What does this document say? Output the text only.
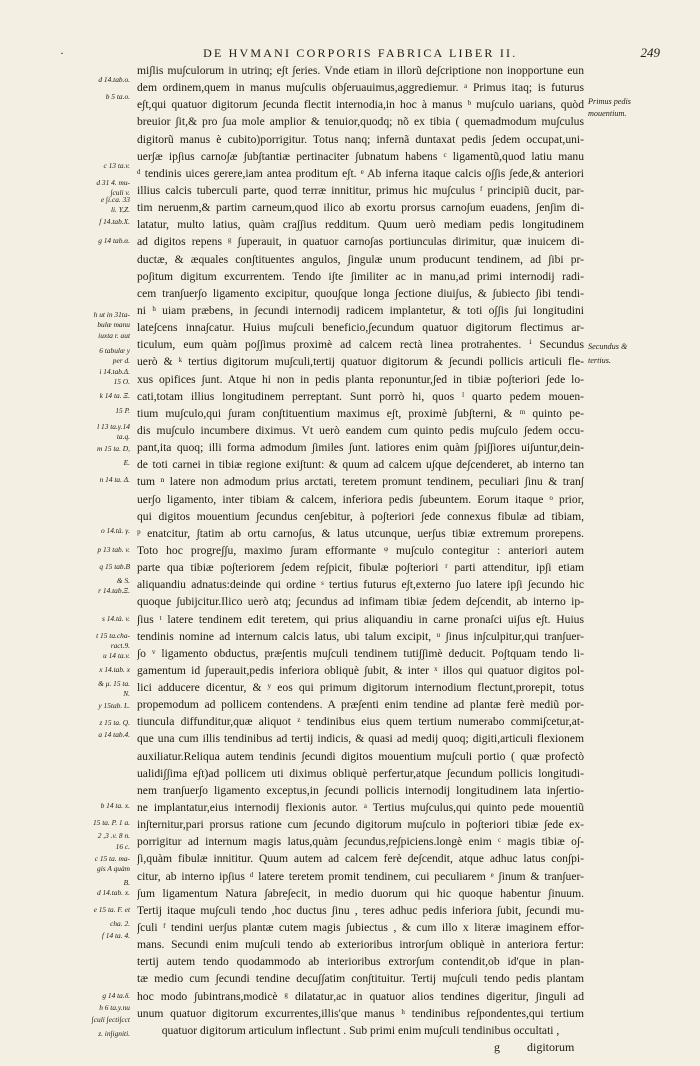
·	DE HVMANI CORPORIS FABRICA LIBER II.	249
mi∫lis mu∫culorum in utrinq; e∫t ∫eries. Vnde etiam in illorũ de∫criptione non inopportune eun
dem ordinem,quem in manus mu∫culis ob∫eruauimus,aggrediemur. ᵃ Primus itaq; is futurus
e∫t,qui quatuor digitorum ∫ecunda flectit internodia,in hoc à manus ᵇ mu∫culo uarians, quòd
breuior ∫it,& pro ∫ua mole amplior & tenuior,quodq; nõ ex tibia ( quemadmodum mu∫culus
digitorũ manus è cubito)porrigitur. Totus nanq; infernã duntaxat pedis ∫edem occupat,uni-
uer∫æ ip∫ius carno∫æ ∫ub∫tantiæ pertinaciter ∫ubnatum habens ᶜ ligamentũ,quod latiu manu
ᵈ tendinis uices gerere,iam antea proditum e∫t. ᵉ Ab inferna itaque calcis o∫∫is ∫ede,& anteriori
illius calcis tuberculi parte, quod terræ innititur, primus hic mu∫culus ᶠ principiũ ducit, par-
tim neruenm,& partim carneum,quod ilico ab exortu prorsus carno∫um euadens, ∫en∫im di-
latatur, multo latius, quàm cra∫∫ius redditum. Quum uerò mediam pedis longitudinem
ad digitos repens ᵍ ∫uperauit, in quatuor carno∫as portiunculas dirimitur, quæ inuicem di-
ductæ, & æquales con∫tituentes angulos, ∫ingulæ unum producunt tendinem, ad ∫ibi pr-
po∫itum digitum excurrentem. Tendo i∫te ∫imiliter ac in manu,ad primi internodij radi-
cem tran∫uer∫o ligamento excipitur, quou∫que longa ∫ectione diui∫us, & ∫ubiecto ∫ibi tendi-
ni ʰ uiam præbens, in ∫ecundi internodij radicem implantetur, & toti o∫∫is ∫ui longitudini
late∫cens inna∫catur. Huius mu∫culi beneficio,∫ecundum quatuor digitorum flectimus ar-
ticulum, eum quàm po∫∫imus proximè ad calcem rectà linea protrahentes. ⁱ Secundus
uerò & ᵏ tertius digitorum mu∫culi,tertij quatuor digitorum & ∫ecundi pollicis articuli fle-
xus opifices ∫unt. Atque hi non in pedis planta reponuntur,∫ed in tibiæ po∫teriori ∫ede lo-
cati,totam illius longitudinem perreptant. Sunt porrò hi, quos ˡ quarto pedem mouen-
tium mu∫culo,qui ∫uram con∫tituentium maximus e∫t, proximè ∫ub∫terni, & ᵐ quinto pe-
dis mu∫culo incumbere diximus. Vt uerò eandem cum quinto pedis mu∫culo ∫edem occu-
pant,ita quoq; illi forma admodum ∫imiles ∫unt. latiores enim quàm ∫pi∫∫iores ui∫untur,dein-
de toti carnei in tibiæ regione exi∫tunt: & quum ad calcem u∫que de∫cenderet, ab interno tan
tum ⁿ latere non admodum prius arctati, teretem promunt tendinem, peculiari ∫inu & tran∫
uer∫o ligamento, inter tibiam & calcem, inferiora pedis ∫ubeuntem. Eorum itaque ᵒ prior,
qui digitos mouentium ∫ecundus cen∫ebitur, à po∫teriori ∫ede connexus fibulæ ad tibiam,
ᵖ enatcitur, ∫tatim ab ortu carno∫us, & latus utcunque, uer∫us tibiæ extremum prorepens.
Toto hoc progre∫∫u, maximo ∫uram efformante ᵠ mu∫culo contegitur : anteriori autem
parte qua tibiæ po∫teriorem ∫edem re∫picit, fibulæ po∫teriori ʳ parti attenditur, ip∫i etiam
aliquandiu adnatus:deinde qui ordine ˢ tertius futurus e∫t,externo ∫uo latere ip∫i ∫ecundo hic
quoque ∫ubijcitur.Ilico uerò atq; ∫ecundus ad infimam tibiæ ∫edem de∫cendit, ab interno ip-
∫ius ᵗ latere tendinem edit teretem, qui prius aliquandiu in carne pronaſci ui∫us e∫t. Huius
tendinis nomine ad internum calcis latus, ubi talum excipit, ᵘ ∫inus in∫culpitur,qui tran∫uer-
∫o ᵛ ligamento obductus, præ∫entis mu∫culi tendinem tuti∫∫imè deducit. Po∫tquam tendo li-
gamentum id ∫uperauit,pedis inferiora obliquè ∫ubit, & inter ˣ illos qui quatuor digitos pol-
lici adducere dicentur, & ʸ eos qui primum digitorum internodium flectunt,prorepit, totus
propemodum ad pollicem contendens. A præ∫enti enim tendine ad plantæ ferè mediũ por-
tiuncula diffunditur,quæ aliquot ᶻ tendinibus eius quem tertium numerabo commi∫cetur,at-
que una cum illis tendinibus ad tertij indicis, & quasi ad medij quoq; digiti,articuli flexionem
auxiliatur.Reliqua autem tendinis ∫ecundi digitos mouentium mu∫culi portio ( quæ profectò
ualidi∫∫ima e∫t)ad pollicem uti diximus obliquè perfertur,atque ∫ecundum pollicis longitudi-
nem tran∫uer∫o ligamento exceptus,in ∫ecundi pollicis internodij longitudinem lata in∫ertio-
ne implantatur,eius internodij flexionis autor. ᵃ Tertius mu∫culus,qui quinto pede mouentiũ
in∫ternitur,pari prorsus ratione cum ∫ecundo digitorum mu∫culo in po∫teriori tibiæ ∫ede ex-
porrigitur ad internum magis latus,quàm ∫ecundus,re∫piciens.longè enim ᶜ magis tibiæ o∫-
∫i,quàm fibulæ innititur. Quum autem ad calcem ferè de∫cendit, atque adhuc latus con∫pi-
citur, ab interno ip∫ius ᵈ latere teretem promit tendinem, cui peculiarem ᵉ ∫inum & tran∫uer-
∫um ligamentum Natura ∫abre∫ecit, in medio duorum qui hic quoque habentur ∫inuum.
Tertij itaque mu∫culi tendo ,hoc ductus ∫inu , teres adhuc pedis inferiora ∫ubit, ∫ecundi mu-
∫culi ᶠ tendini uer∫us plantæ cutem magis ∫ubiectus , & cum illo x literæ imaginem effor-
mans. Secundi enim mu∫culi tendo ab exterioribus intror∫um obliquè in anteriora fertur:
tertij autem tendo quodammodo ab interioribus extror∫um contendit,ob id'que in plan-
tæ medio cum ∫ecundi tendine decu∫∫atim con∫tituitur. Tertij mu∫culi tendo pedis plantam
hoc modo ∫ubintrans,modicè ᵍ dilatatur,ac in quatuor alios tendines digeritur, ∫inguli ad
unum quatuor digitorum excurrentes,illis'que manus ʰ tendinibus re∫pondentes,qui tertium
quatuor digitorum articulum inflectunt . Sub primi enim mu∫culi tendinibus occultati ,
d 14.tab.o.
b 5 ta.o.
c 13 ta.v.
d 31 4. mu-
∫culi v.
e ∫i.ca. 33
li. Y,Z.
f 14.tab.X.
g 14 tab.α.
h ut in 31ta-
bulæ manu
iuxta r. aut
6 tabulæ y
per d.
i 14.tab.Δ.
15 O.
k 14 ta. Ξ.
15 P.
l 13 ta.γ.14
ta.q.
m 15 ta. D,
E.
n 14 ta. Δ.
o 14.tà. γ.
p 13 tab. v.
q 15 tab.B
& S.
r 14.tab.Ξ.
s 14.tà. v.
t 15 ta.cha-
ract.9.
u 14 ta.v.
x 14.tab. x
& μ. 15 ta.
N.
y 15tab. L.
z 15 ta. Q.
a 14 tab.4.
b 14 ta. x.
15 ta. P. 1 a.
2 ,3 .v. 8 n.
16 c.
c 15 ta. ma-
gis A quàm
B.
d 14.tab. x.
e 15 ta. F. et
cha. 2.
f 14 ta. 4.
g 14 ta.δ.
h 6 ta.y.nu
∫culi ∫ecti∫cct
z. in∫igniti.
Primus pedis
mouentium.
Secundus &
tertius.
g digitorum
